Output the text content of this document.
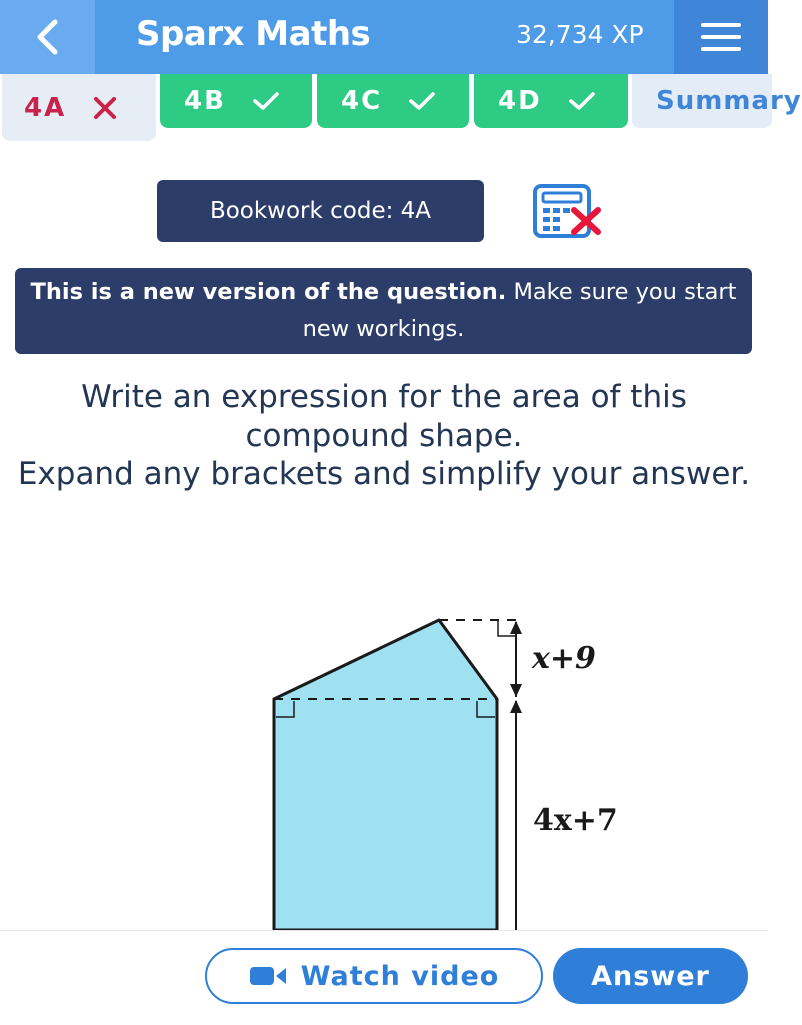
Sparx Maths	32,734 XP
4A	4B	4C	4D	Summary
Bookwork code: 4A
This is a new version of the question. Make sure you start new workings.

Write an expression for the area of this compound shape.

Expand any brackets and simplify your answer.

x+9
4x+7
Watch video	Answer
